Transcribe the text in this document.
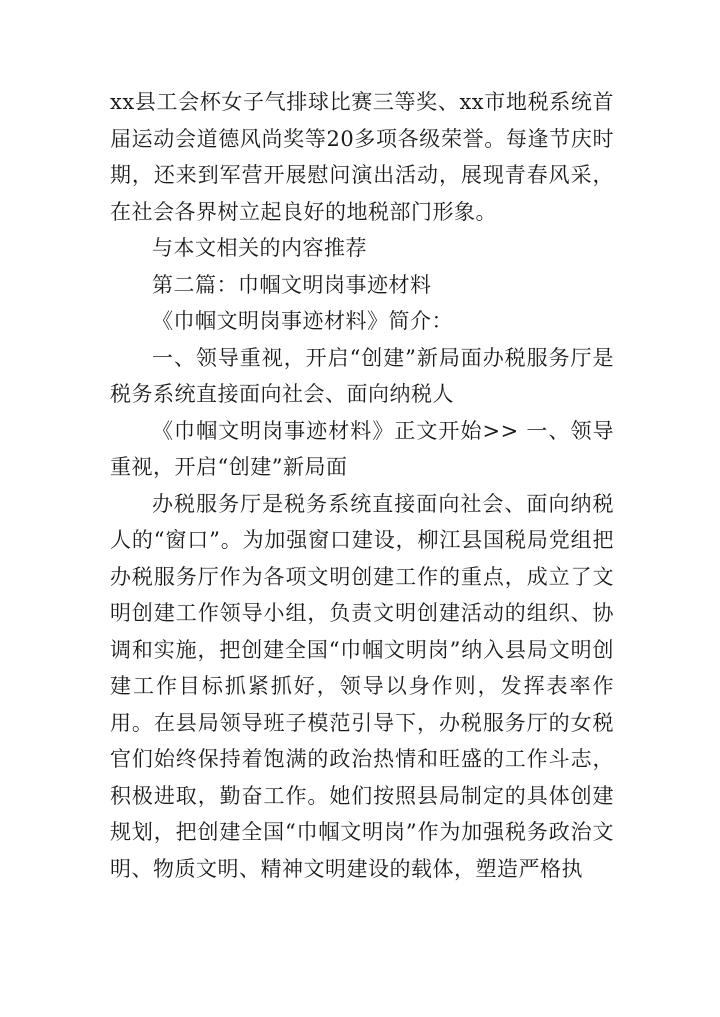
xx县工会杯女子气排球比赛三等奖、xx市地税系统首届运动会道德风尚奖等20多项各级荣誉。每逢节庆时期，还来到军营开展慰问演出活动，展现青春风采，在社会各界树立起良好的地税部门形象。

与本文相关的内容推荐

第二篇：巾帼文明岗事迹材料

《巾帼文明岗事迹材料》简介：

一、领导重视，开启“创建”新局面办税服务厅是税务系统直接面向社会、面向纳税人

《巾帼文明岗事迹材料》正文开始>> 一、领导重视，开启“创建”新局面

办税服务厅是税务系统直接面向社会、面向纳税人的“窗口”。为加强窗口建设，柳江县国税局党组把办税服务厅作为各项文明创建工作的重点，成立了文明创建工作领导小组，负责文明创建活动的组织、协调和实施，把创建全国“巾帼文明岗”纳入县局文明创建工作目标抓紧抓好，领导以身作则，发挥表率作用。在县局领导班子模范引导下，办税服务厅的女税官们始终保持着饱满的政治热情和旺盛的工作斗志，积极进取，勤奋工作。她们按照县局制定的具体创建规划，把创建全国“巾帼文明岗”作为加强税务政治文明、物质文明、精神文明建设的载体，塑造严格执
